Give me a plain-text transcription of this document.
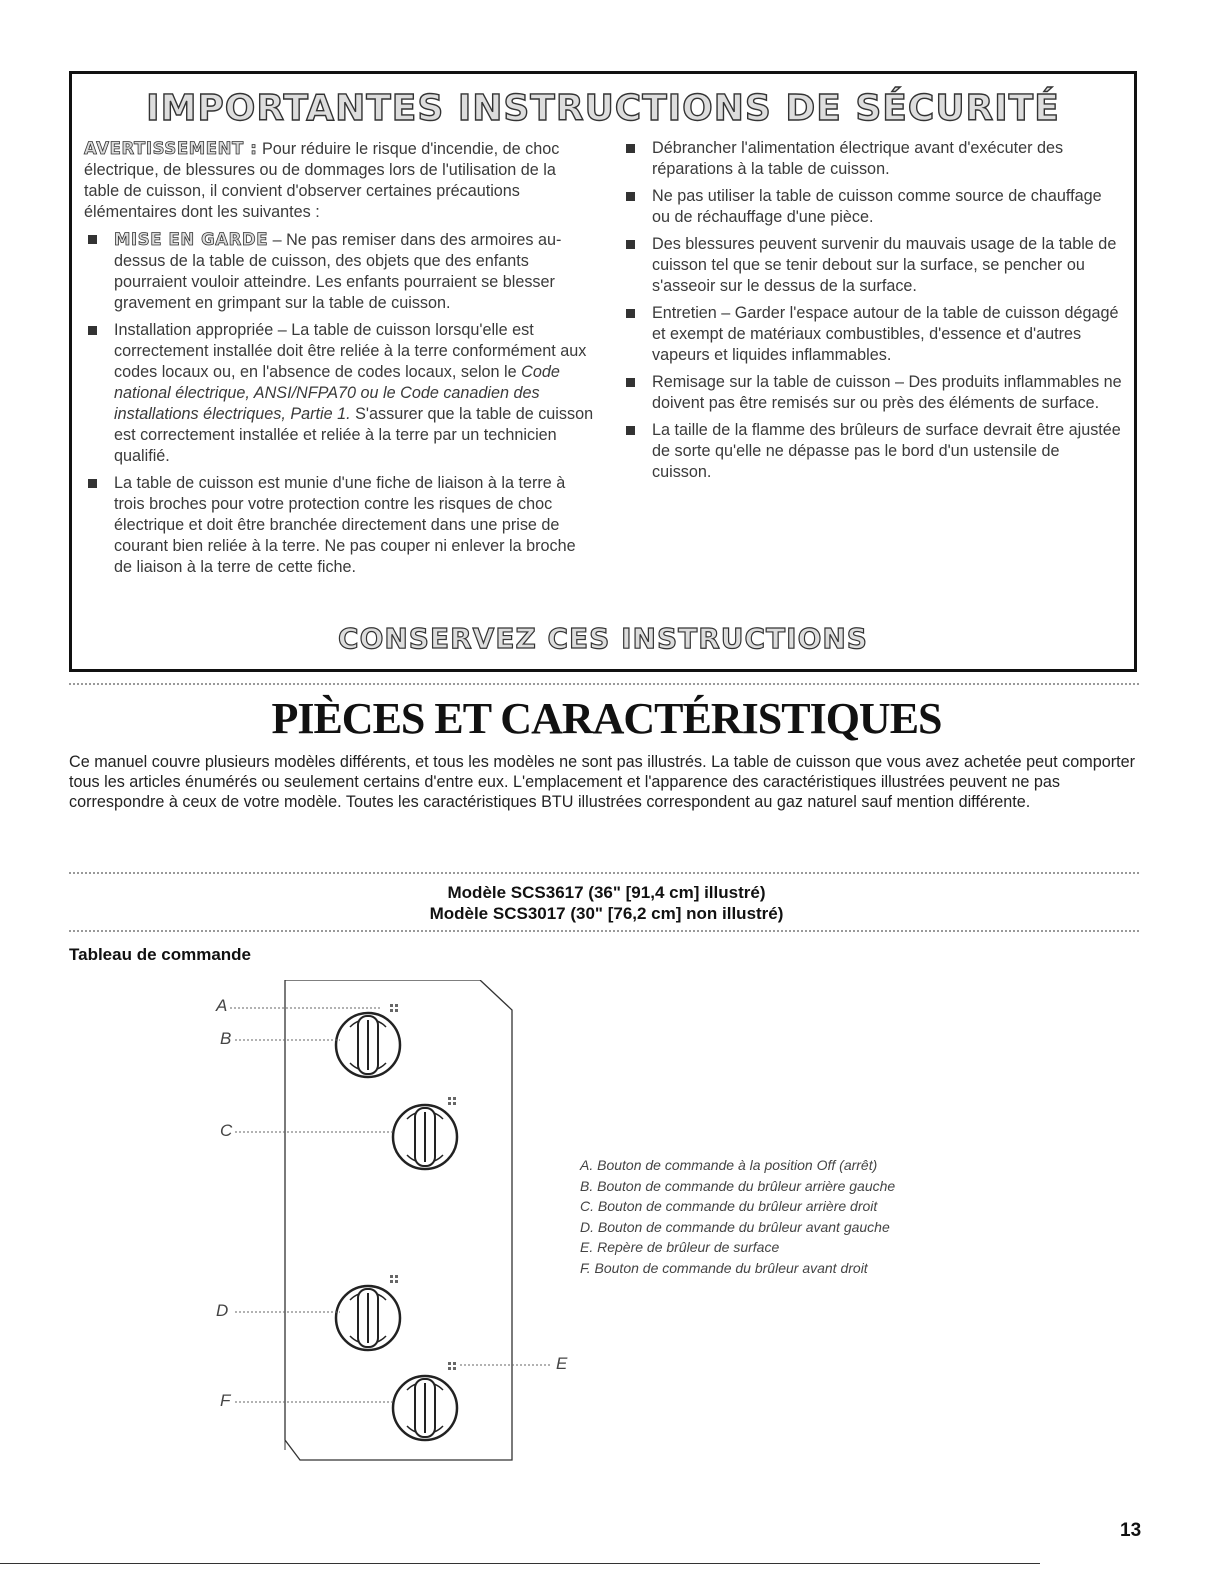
IMPORTANTES INSTRUCTIONS DE SÉCURITÉ

AVERTISSEMENT : Pour réduire le risque d'incendie, de choc électrique, de blessures ou de dommages lors de l'utilisation de la table de cuisson, il convient d'observer certaines précautions élémentaires dont les suivantes :

MISE EN GARDE – Ne pas remiser dans des armoires au-dessus de la table de cuisson, des objets que des enfants pourraient vouloir atteindre. Les enfants pourraient se blesser gravement en grimpant sur la table de cuisson.
Installation appropriée – La table de cuisson lorsqu'elle est correctement installée doit être reliée à la terre conformément aux codes locaux ou, en l'absence de codes locaux, selon le Code national électrique, ANSI/NFPA70 ou le Code canadien des installations électriques, Partie 1. S'assurer que la table de cuisson est correctement installée et reliée à la terre par un technicien qualifié.
La table de cuisson est munie d'une fiche de liaison à la terre à trois broches pour votre protection contre les risques de choc électrique et doit être branchée directement dans une prise de courant bien reliée à la terre. Ne pas couper ni enlever la broche de liaison à la terre de cette fiche.
Débrancher l'alimentation électrique avant d'exécuter des réparations à la table de cuisson.
Ne pas utiliser la table de cuisson comme source de chauffage ou de réchauffage d'une pièce.
Des blessures peuvent survenir du mauvais usage de la table de cuisson tel que se tenir debout sur la surface, se pencher ou s'asseoir sur le dessus de la surface.
Entretien – Garder l'espace autour de la table de cuisson dégagé et exempt de matériaux combustibles, d'essence et d'autres vapeurs et liquides inflammables.
Remisage sur la table de cuisson – Des produits inflammables ne doivent pas être remisés sur ou près des éléments de surface.
La taille de la flamme des brûleurs de surface devrait être ajustée de sorte qu'elle ne dépasse pas le bord d'un ustensile de cuisson.
CONSERVEZ CES INSTRUCTIONS
PIÈCES ET CARACTÉRISTIQUES
Ce manuel couvre plusieurs modèles différents, et tous les modèles ne sont pas illustrés. La table de cuisson que vous avez achetée peut comporter tous les articles énumérés ou seulement certains d'entre eux. L'emplacement et l'apparence des caractéristiques illustrées peuvent ne pas correspondre à ceux de votre modèle. Toutes les caractéristiques BTU illustrées correspondent au gaz naturel sauf mention différente.
Modèle SCS3617 (36" [91,4 cm] illustré)
Modèle SCS3017 (30" [76,2 cm] non illustré)
Tableau de commande
A
B
C
D
E
F
A. Bouton de commande à la position Off (arrêt)
B. Bouton de commande du brûleur arrière gauche
C. Bouton de commande du brûleur arrière droit
D. Bouton de commande du brûleur avant gauche
E. Repère de brûleur de surface
F. Bouton de commande du brûleur avant droit
13
